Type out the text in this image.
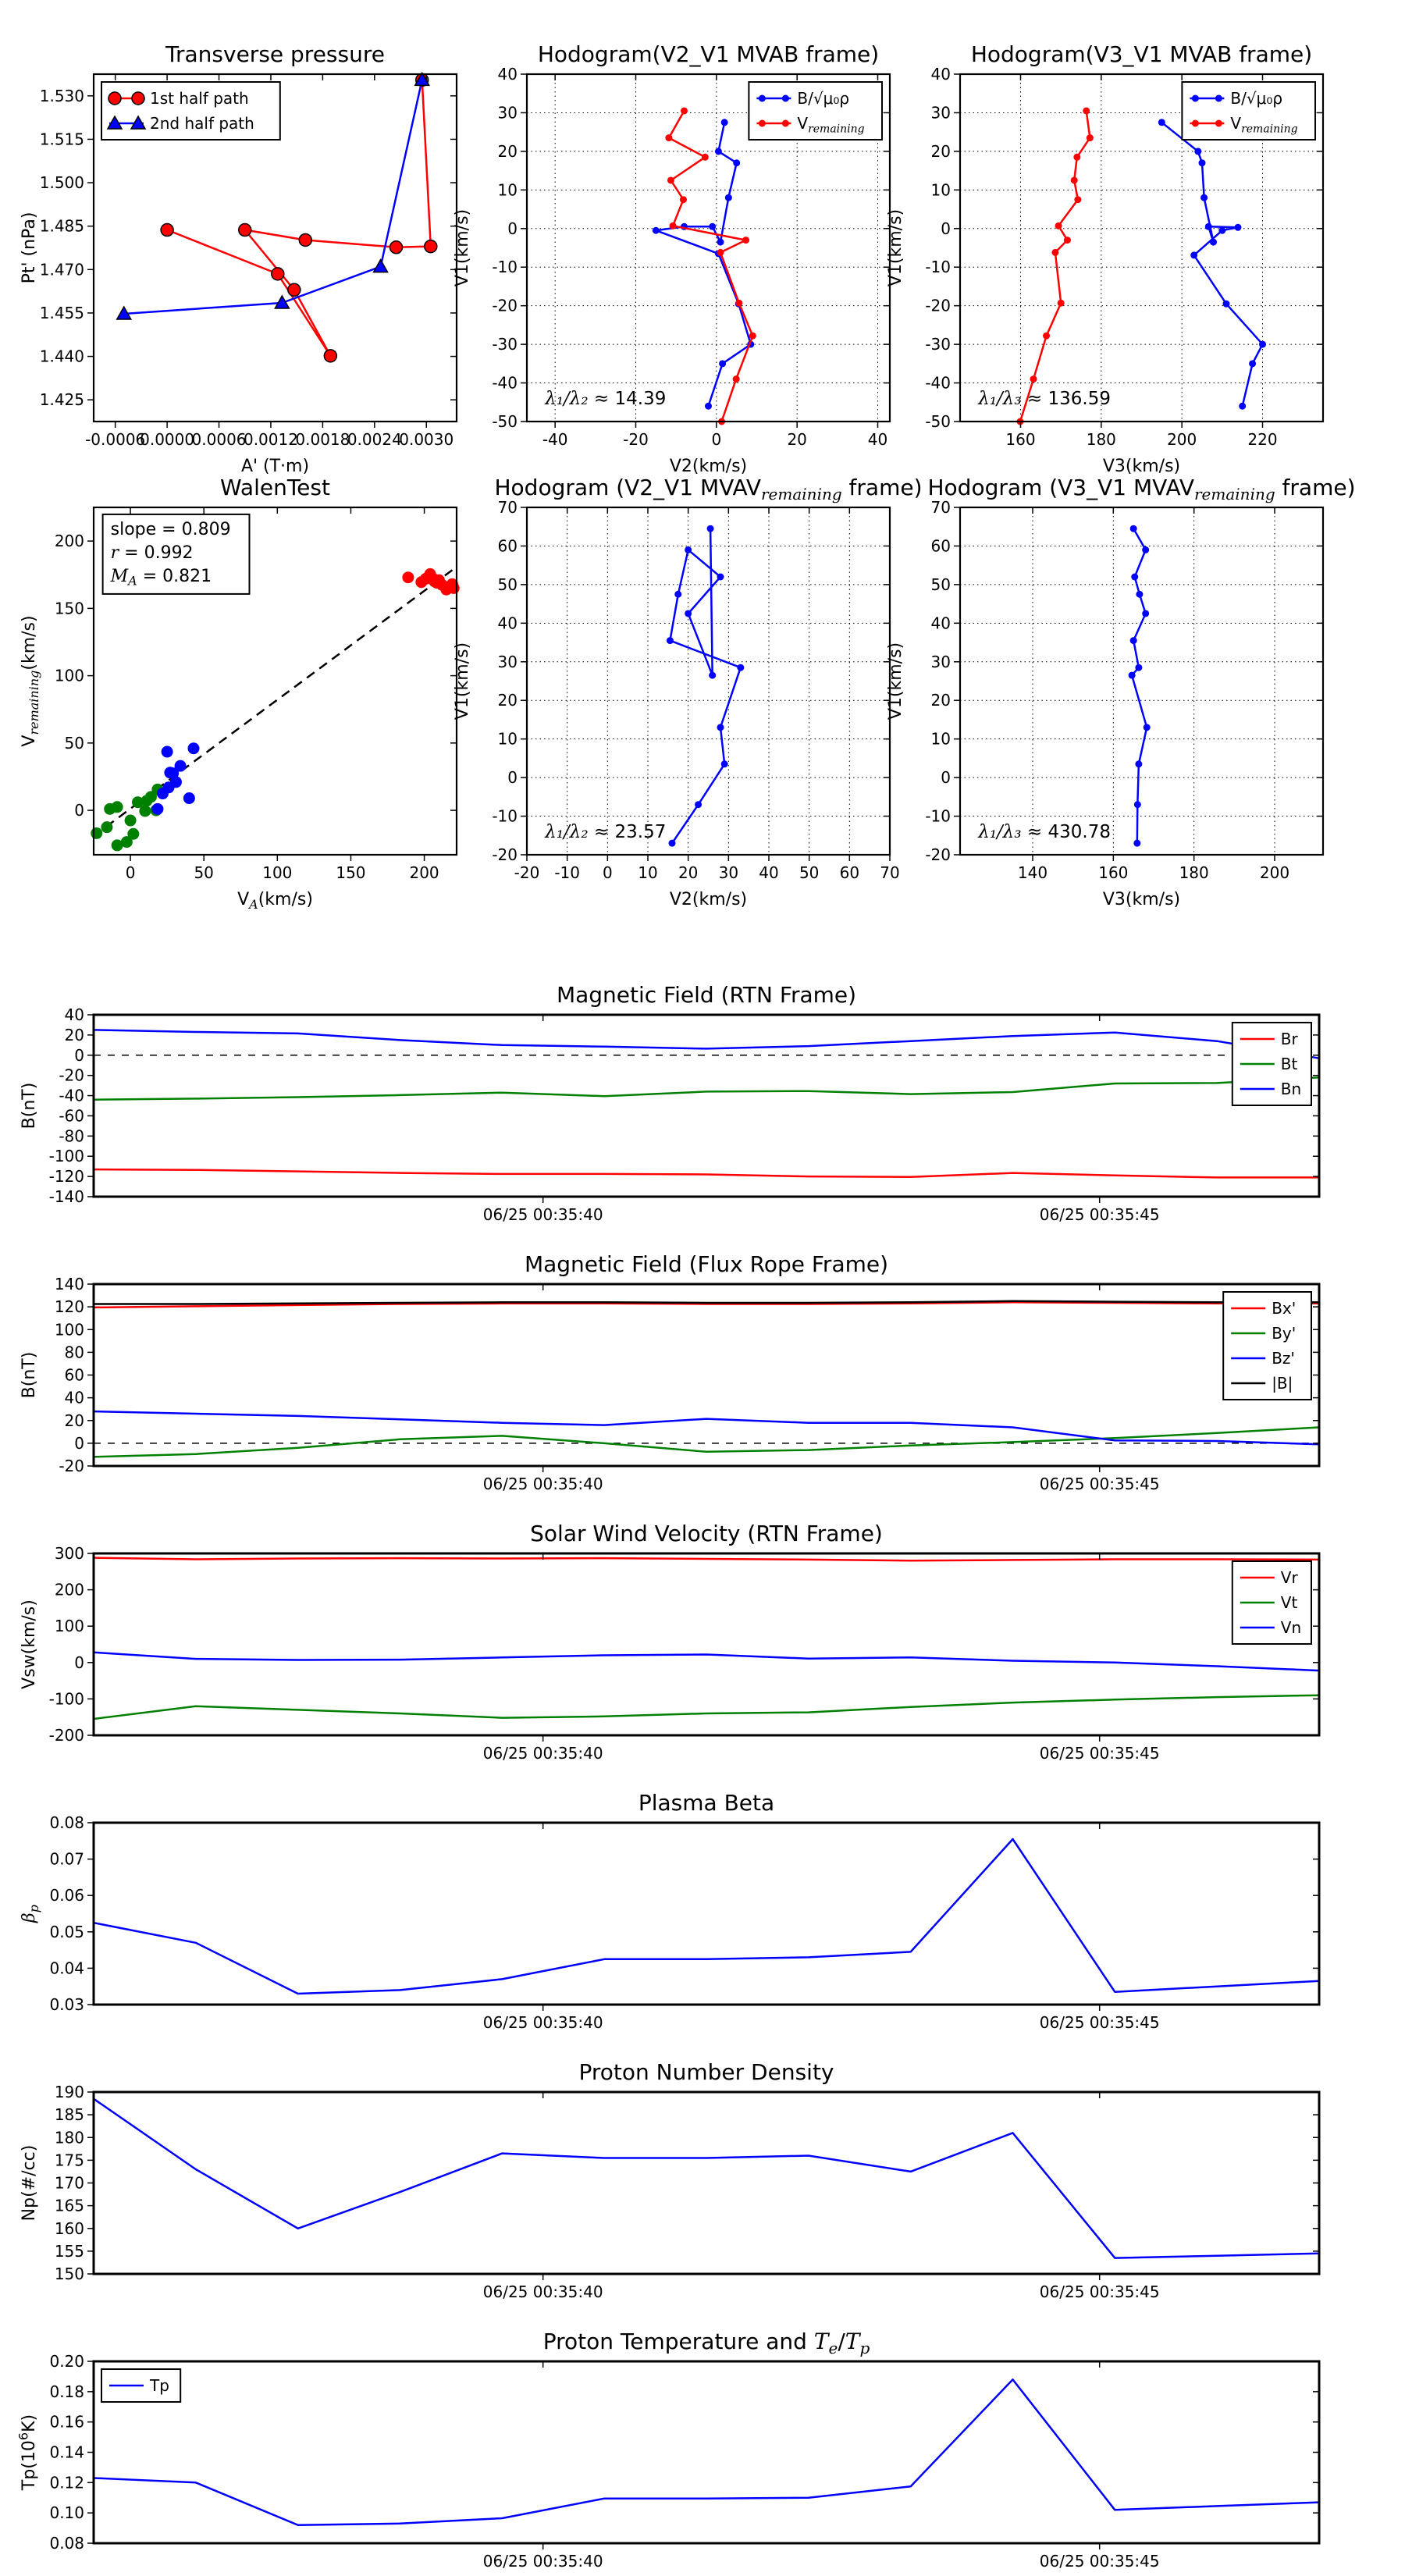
-0.0006
0.0000
0.0006
0.0012
0.0018
0.0024
0.0030
1.425
1.440
1.455
1.470
1.485
1.500
1.515
1.530
Transverse pressure
A' (T·m)
Pt' (nPa)
1st half path
2nd half path
-40	-20	0	20	40
-50
-40
-30
-20
-10
0
10
20
30
40
Hodogram(V2_V1 MVAB frame)
V2(km/s)
V1(km/s)
B/√μ₀ρ
$V_{remaining}$
λ₁/λ₂ ≈ 14.39
160	180	200	220
-50
-40
-30
-20
-10
0
10
20
30
40
Hodogram(V3_V1 MVAB frame)
V3(km/s)
V1(km/s)
B/√μ₀ρ
$V_{remaining}$
λ₁/λ₃ ≈ 136.59
0	50	100	150	200
0
50
100
150
200
WalenTest
$V_A(km/s)$
$V_{remaining}(km/s)$
slope = 0.809
r = 0.992
$M_A = 0.821$
-20 -10 0 10 20 30 40 50 60 70
-20
-10
0
10
20
30
40
50
60
70
Hodogram (V2_V1 $MVAV_{remaining}$ frame)
V2(km/s)
V1(km/s)
λ₁/λ₂ ≈ 23.57
140	160	180	200
-20
-10
0
10
20
30
40
50
60
70
Hodogram (V3_V1 $MVAV_{remaining}$ frame)
V3(km/s)
V1(km/s)
λ₁/λ₃ ≈ 430.78
06/25 00:35:40	06/25 00:35:45
-140
-120
-100
-80
-60
-40
-20
0
20
40
Magnetic Field (RTN Frame)
B(nT)
Br
Bt
Bn
06/25 00:35:40	06/25 00:35:45
-20
0
20
40
60
80
100
120
140
Magnetic Field (Flux Rope Frame)
B(nT)
Bx'
By'
Bz'
|B|
06/25 00:35:40	06/25 00:35:45
-200
-100
0
100
200
300
Solar Wind Velocity (RTN Frame)
Vsw(km/s)
Vr
Vt
Vn
06/25 00:35:40	06/25 00:35:45
0.03
0.04
0.05
0.06
0.07
0.08
Plasma Beta
$\beta_p$
06/25 00:35:40	06/25 00:35:45
150
155
160
165
170
175
180
185
190
Proton Number Density
Np(#/cc)
06/25 00:35:40	06/25 00:35:45
0.08
0.10
0.12
0.14
0.16
0.18
0.20
Proton Temperature and $T_e/T_p$
$Tp(10^6K)$
Tp
